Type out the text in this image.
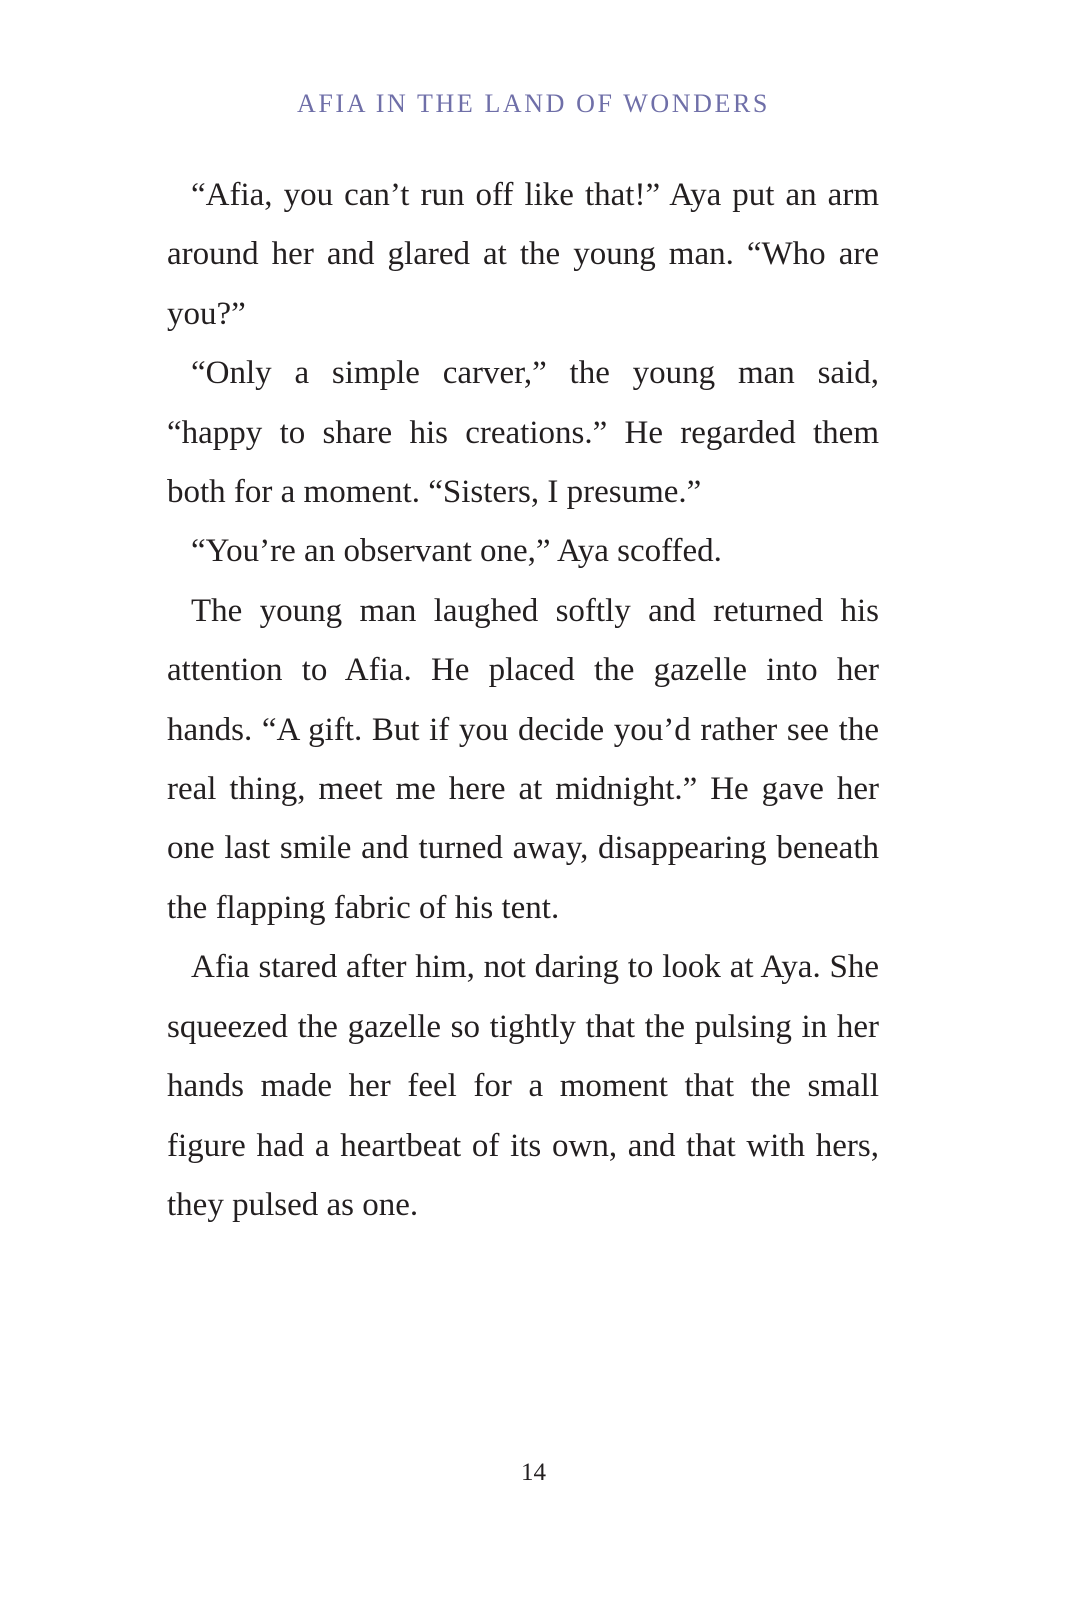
AFIA IN THE LAND OF WONDERS

“Afia, you can’t run off like that!” Aya put an arm around her and glared at the young man. “Who are you?”

“Only a simple carver,” the young man said, “happy to share his creations.” He regarded them both for a moment. “Sisters, I presume.”

“You’re an observant one,” Aya scoffed.

The young man laughed softly and returned his attention to Afia. He placed the gazelle into her hands. “A gift. But if you decide you’d rather see the real thing, meet me here at midnight.” He gave her one last smile and turned away, disappearing beneath the flapping fabric of his tent.

Afia stared after him, not daring to look at Aya. She squeezed the gazelle so tightly that the pulsing in her hands made her feel for a moment that the small figure had a heartbeat of its own, and that with hers, they pulsed as one.

14
